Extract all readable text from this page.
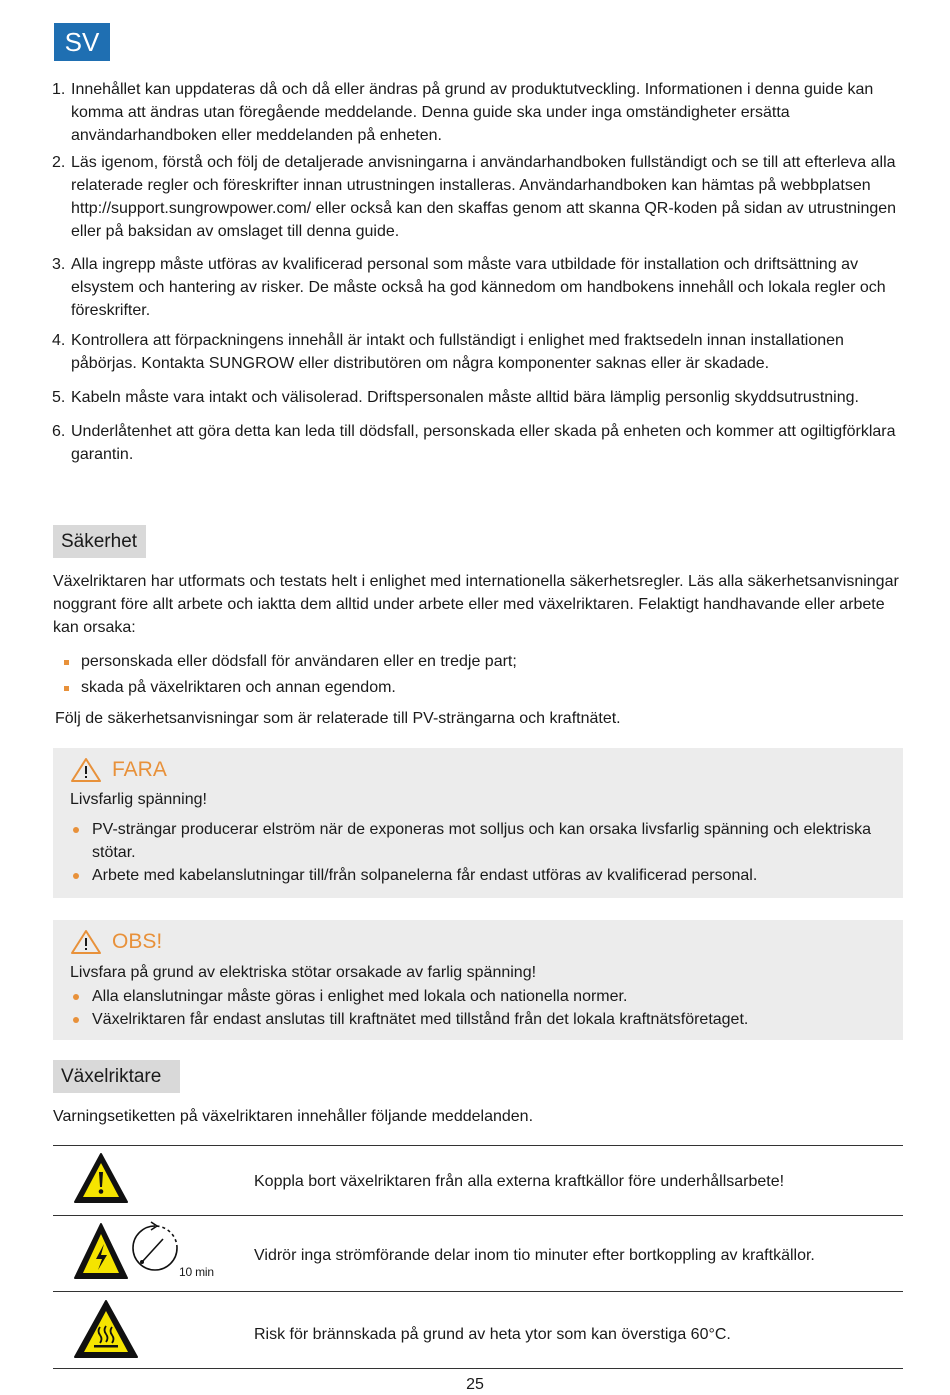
SV
1. Innehållet kan uppdateras då och då eller ändras på grund av produktutveckling. Informationen i denna guide kan komma att ändras utan föregående meddelande. Denna guide ska under inga omständigheter ersätta användarhandboken eller meddelanden på enheten.
2. Läs igenom, förstå och följ de detaljerade anvisningarna i användarhandboken fullständigt och se till att efterleva alla relaterade regler och föreskrifter innan utrustningen installeras. Användarhandboken kan hämtas på webbplatsen http://support.sungrowpower.com/ eller också kan den skaffas genom att skanna QR-koden på sidan av utrustningen eller på baksidan av omslaget till denna guide.
3. Alla ingrepp måste utföras av kvalificerad personal som måste vara utbildade för installation och driftsättning av elsystem och hantering av risker. De måste också ha god kännedom om handbokens innehåll och lokala regler och föreskrifter.
4. Kontrollera att förpackningens innehåll är intakt och fullständigt i enlighet med fraktsedeln innan installationen påbörjas. Kontakta SUNGROW eller distributören om några komponenter saknas eller är skadade.
5. Kabeln måste vara intakt och välisolerad. Driftspersonalen måste alltid bära lämplig personlig skyddsutrustning.
6. Underlåtenhet att göra detta kan leda till dödsfall, personskada eller skada på enheten och kommer att ogiltigförklara garantin.
Säkerhet

Växelriktaren har utformats och testats helt i enlighet med internationella säkerhetsregler. Läs alla säkerhetsanvisningar noggrant före allt arbete och iaktta dem alltid under arbete eller med växelriktaren. Felaktigt handhavande eller arbete kan orsaka:

personskada eller dödsfall för användaren eller en tredje part;
skada på växelriktaren och annan egendom.

Följ de säkerhetsanvisningar som är relaterade till PV-strängarna och kraftnätet.

FARA
Livsfarlig spänning!
PV-strängar producerar elström när de exponeras mot solljus och kan orsaka livsfarlig spänning och elektriska stötar.
Arbete med kabelanslutningar till/från solpanelerna får endast utföras av kvalificerad personal.
OBS!
Livsfara på grund av elektriska stötar orsakade av farlig spänning!
Alla elanslutningar måste göras i enlighet med lokala och nationella normer.
Växelriktaren får endast anslutas till kraftnätet med tillstånd från det lokala kraftnätsföretaget.
Växelriktare

Varningsetiketten på växelriktaren innehåller följande meddelanden.

Koppla bort växelriktaren från alla externa kraftkällor före underhållsarbete!
10 min
Vidrör inga strömförande delar inom tio minuter efter bortkoppling av kraftkällor.
Risk för brännskada på grund av heta ytor som kan överstiga 60°C.
25
